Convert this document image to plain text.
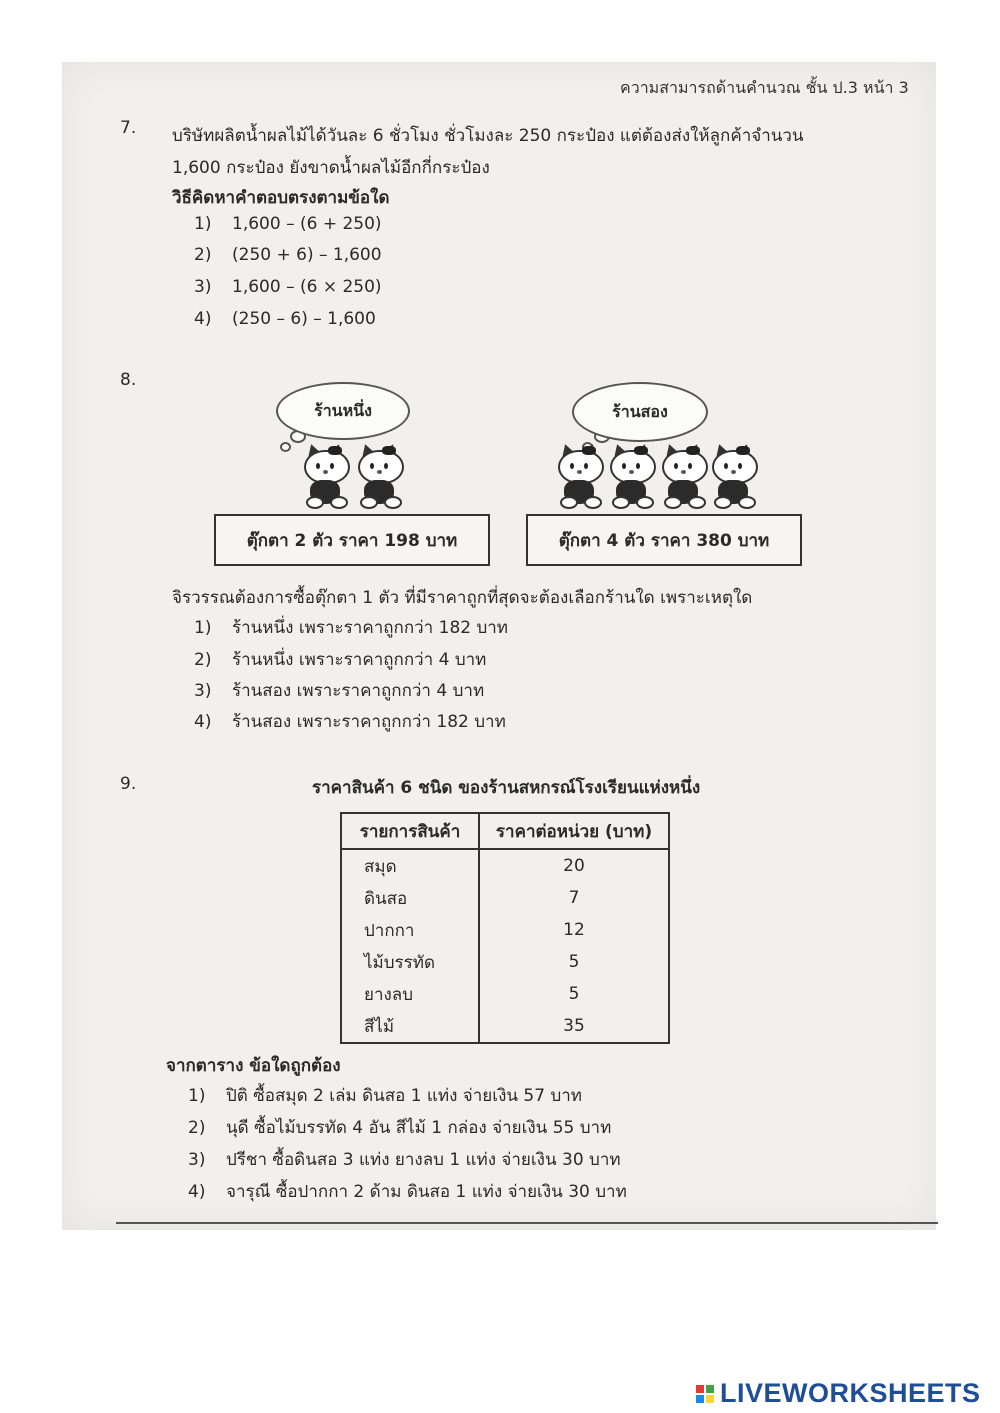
ความสามารถด้านคำนวณ ชั้น ป.3 หน้า 3
7. บริษัทผลิตน้ำผลไม้ได้วันละ 6 ชั่วโมง ชั่วโมงละ 250 กระป๋อง แต่ต้องส่งให้ลูกค้าจำนวน
1,600 กระป๋อง ยังขาดน้ำผลไม้อีกกี่กระป๋อง
วิธีคิดหาคำตอบตรงตามข้อใด
1) 1,600 – (6 + 250)
2) (250 + 6) – 1,600
3) 1,600 – (6 × 250)
4) (250 – 6) – 1,600
8.
ร้านหนึ่ง	ร้านสอง
ตุ๊กตา 2 ตัว ราคา 198 บาท	ตุ๊กตา 4 ตัว ราคา 380 บาท
จิรวรรณต้องการซื้อตุ๊กตา 1 ตัว ที่มีราคาถูกที่สุดจะต้องเลือกร้านใด เพราะเหตุใด
1) ร้านหนึ่ง เพราะราคาถูกกว่า 182 บาท
2) ร้านหนึ่ง เพราะราคาถูกกว่า 4 บาท
3) ร้านสอง เพราะราคาถูกกว่า 4 บาท
4) ร้านสอง เพราะราคาถูกกว่า 182 บาท
9.	ราคาสินค้า 6 ชนิด ของร้านสหกรณ์โรงเรียนแห่งหนึ่ง
รายการสินค้า	ราคาต่อหน่วย (บาท)
สมุด	20
ดินสอ	7
ปากกา	12
ไม้บรรทัด	5
ยางลบ	5
สีไม้	35
จากตาราง ข้อใดถูกต้อง
1) ปิติ ซื้อสมุด 2 เล่ม ดินสอ 1 แท่ง จ่ายเงิน 57 บาท
2) นุดี ซื้อไม้บรรทัด 4 อัน สีไม้ 1 กล่อง จ่ายเงิน 55 บาท
3) ปรีชา ซื้อดินสอ 3 แท่ง ยางลบ 1 แท่ง จ่ายเงิน 30 บาท
4) จารุณี ซื้อปากกา 2 ด้าม ดินสอ 1 แท่ง จ่ายเงิน 30 บาท
LIVEWORKSHEETS
